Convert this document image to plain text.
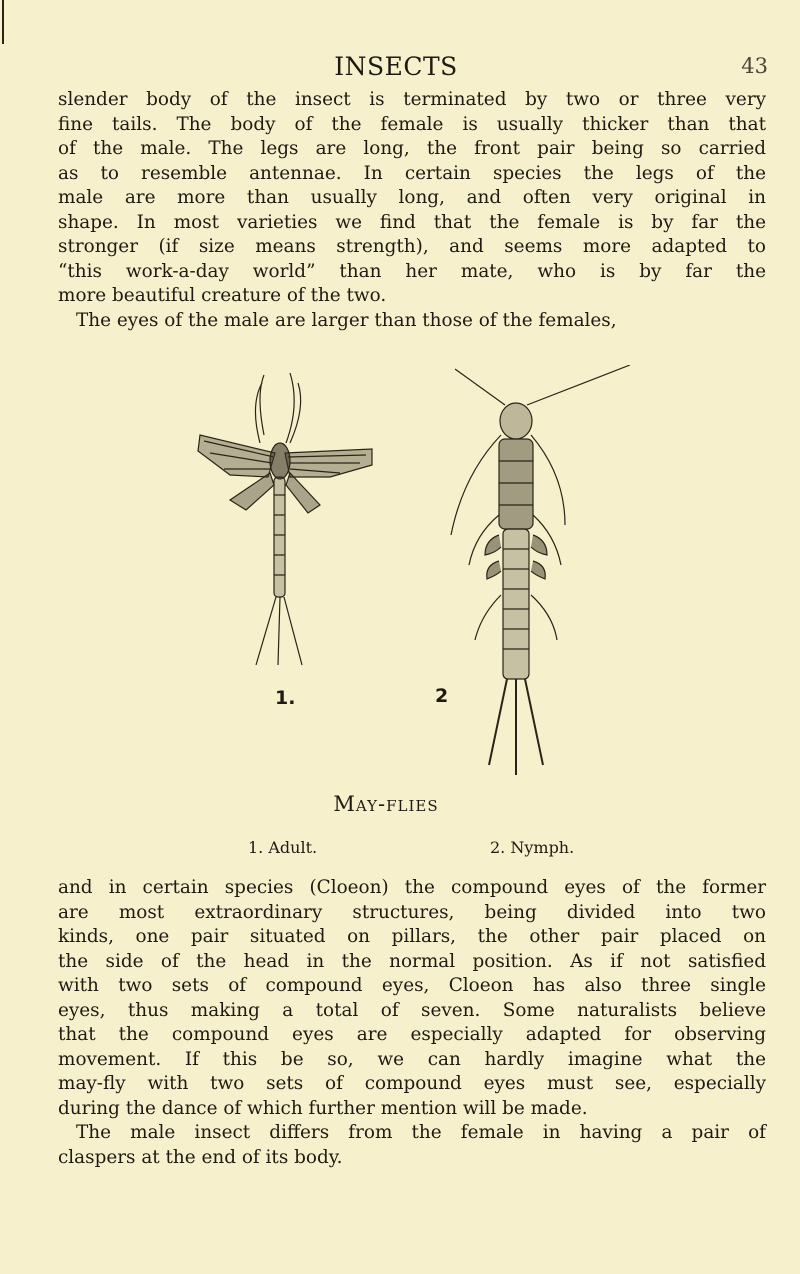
INSECTS	43
slender body of the insect is terminated by two or three very
fine tails. The body of the female is usually thicker than that
of the male. The legs are long, the front pair being so carried
as to resemble antennae. In certain species the legs of the
male are more than usually long, and often very original in
shape. In most varieties we find that the female is by far the
stronger (if size means strength), and seems more adapted to
“this work-a-day world” than her mate, who is by far the
more beautiful creature of the two.
The eyes of the male are larger than those of the females,
1.	2
May-flies
1. Adult.	2. Nymph.
and in certain species (Cloeon) the compound eyes of the former
are most extraordinary structures, being divided into two
kinds, one pair situated on pillars, the other pair placed on
the side of the head in the normal position. As if not satisfied
with two sets of compound eyes, Cloeon has also three single
eyes, thus making a total of seven. Some naturalists believe
that the compound eyes are especially adapted for observing
movement. If this be so, we can hardly imagine what the
may-fly with two sets of compound eyes must see, especially
during the dance of which further mention will be made.
The male insect differs from the female in having a pair of
claspers at the end of its body.
